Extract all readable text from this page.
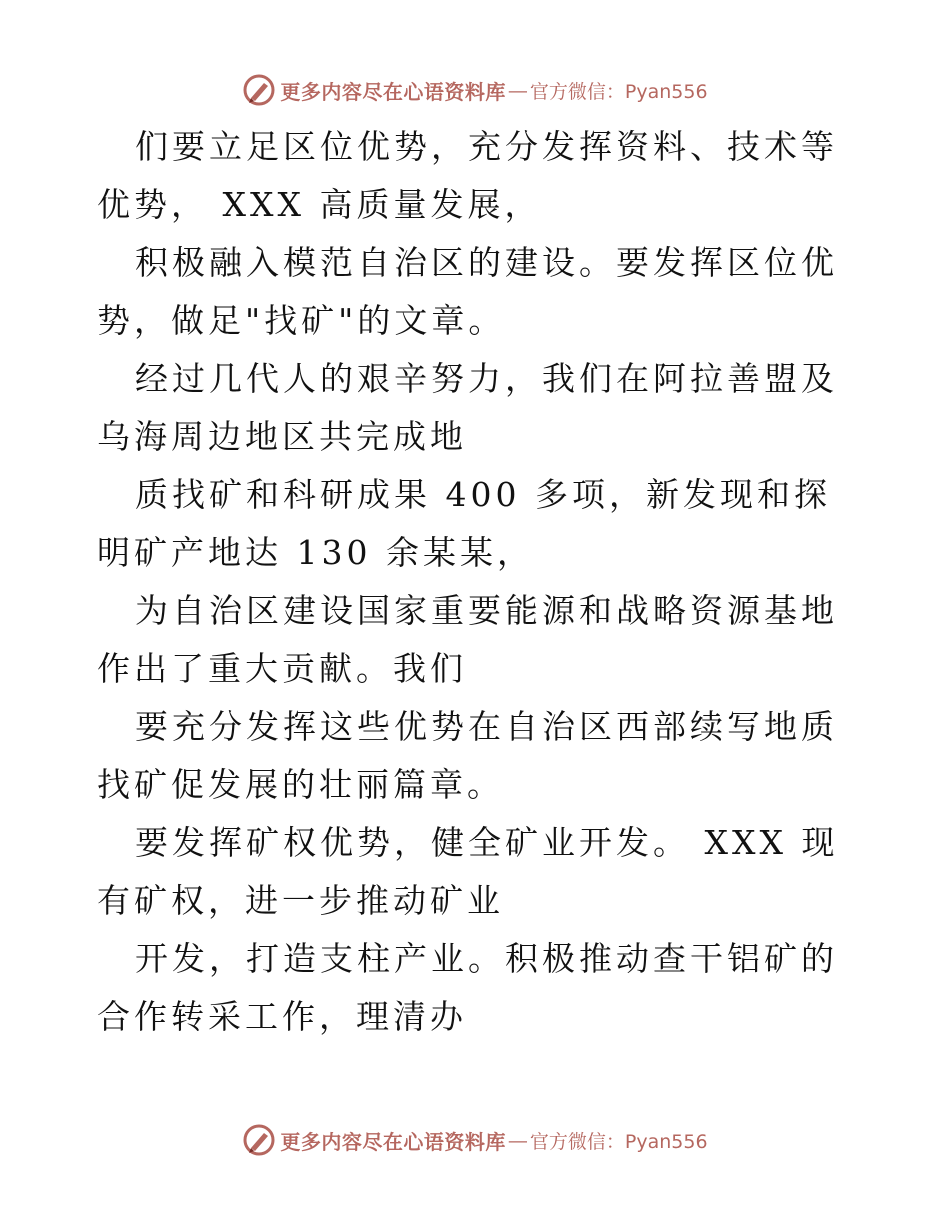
更多内容尽在心语资料库 — 官方微信：Pyan556

们要立足区位优势，充分发挥资料、技术等优势， XXX 高质量发展，

积极融入模范自治区的建设。要发挥区位优势，做足"找矿"的文章。

经过几代人的艰辛努力，我们在阿拉善盟及乌海周边地区共完成地

质找矿和科研成果 400 多项，新发现和探明矿产地达 130 余某某，

为自治区建设国家重要能源和战略资源基地作出了重大贡献。我们

要充分发挥这些优势在自治区西部续写地质找矿促发展的壮丽篇章。

要发挥矿权优势，健全矿业开发。 XXX 现有矿权，进一步推动矿业

开发，打造支柱产业。积极推动查干铝矿的合作转采工作，理清办

更多内容尽在心语资料库 — 官方微信：Pyan556
